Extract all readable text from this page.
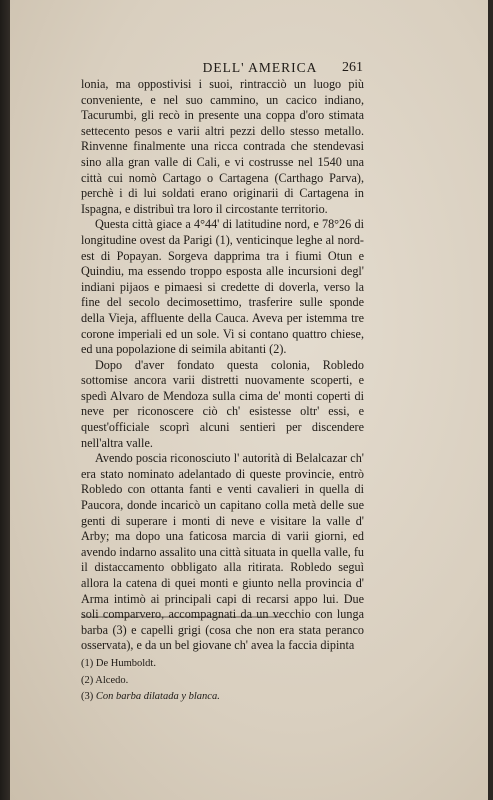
DELL' AMERICA	261

lonia, ma oppostivisi i suoi, rintracciò un luogo più conveniente, e nel suo cammino, un cacico indiano, Tacurumbi, gli recò in presente una coppa d'oro stimata settecento pesos e varii altri pezzi dello stesso metallo. Rinvenne finalmente una ricca contrada che stendevasi sino alla gran valle di Cali, e vi costrusse nel 1540 una città cui nomò Cartago o Cartagena (Carthago Parva), perchè i di lui soldati erano originarii di Cartagena in Ispagna, e distribuì tra loro il circostante territorio.

Questa città giace a 4°44' di latitudine nord, e 78°26 di longitudine ovest da Parigi (1), venticinque leghe al nord-est di Popayan. Sorgeva dapprima tra i fiumi Otun e Quindiu, ma essendo troppo esposta alle incursioni degl' indiani pijaos e pimaesi si credette di doverla, verso la fine del secolo decimosettimo, trasferire sulle sponde della Vieja, affluente della Cauca. Aveva per istemma tre corone imperiali ed un sole. Vi si contano quattro chiese, ed una popolazione di seimila abitanti (2).

Dopo d'aver fondato questa colonia, Robledo sottomise ancora varii distretti nuovamente scoperti, e spedì Alvaro de Mendoza sulla cima de' monti coperti di neve per riconoscere ciò ch' esistesse oltr' essi, e quest'officiale scoprì alcuni sentieri per discendere nell'altra valle.

Avendo poscia riconosciuto l' autorità di Belalcazar ch' era stato nominato adelantado di queste provincie, entrò Robledo con ottanta fanti e venti cavalieri in quella di Paucora, donde incaricò un capitano colla metà delle sue genti di superare i monti di neve e visitare la valle d' Arby; ma dopo una faticosa marcia di varii giorni, ed avendo indarno assalito una città situata in quella valle, fu il distaccamento obbligato alla ritirata. Robledo seguì allora la catena di quei monti e giunto nella provincia d' Arma intimò ai principali capi di recarsi appo lui. Due soli comparvero, accompagnati da un vecchio con lunga barba (3) e capelli grigi (cosa che non era stata peranco osservata), e da un bel giovane ch' avea la faccia dipinta

(1) De Humboldt.
(2) Alcedo.
(3) Con barba dilatada y blanca.
